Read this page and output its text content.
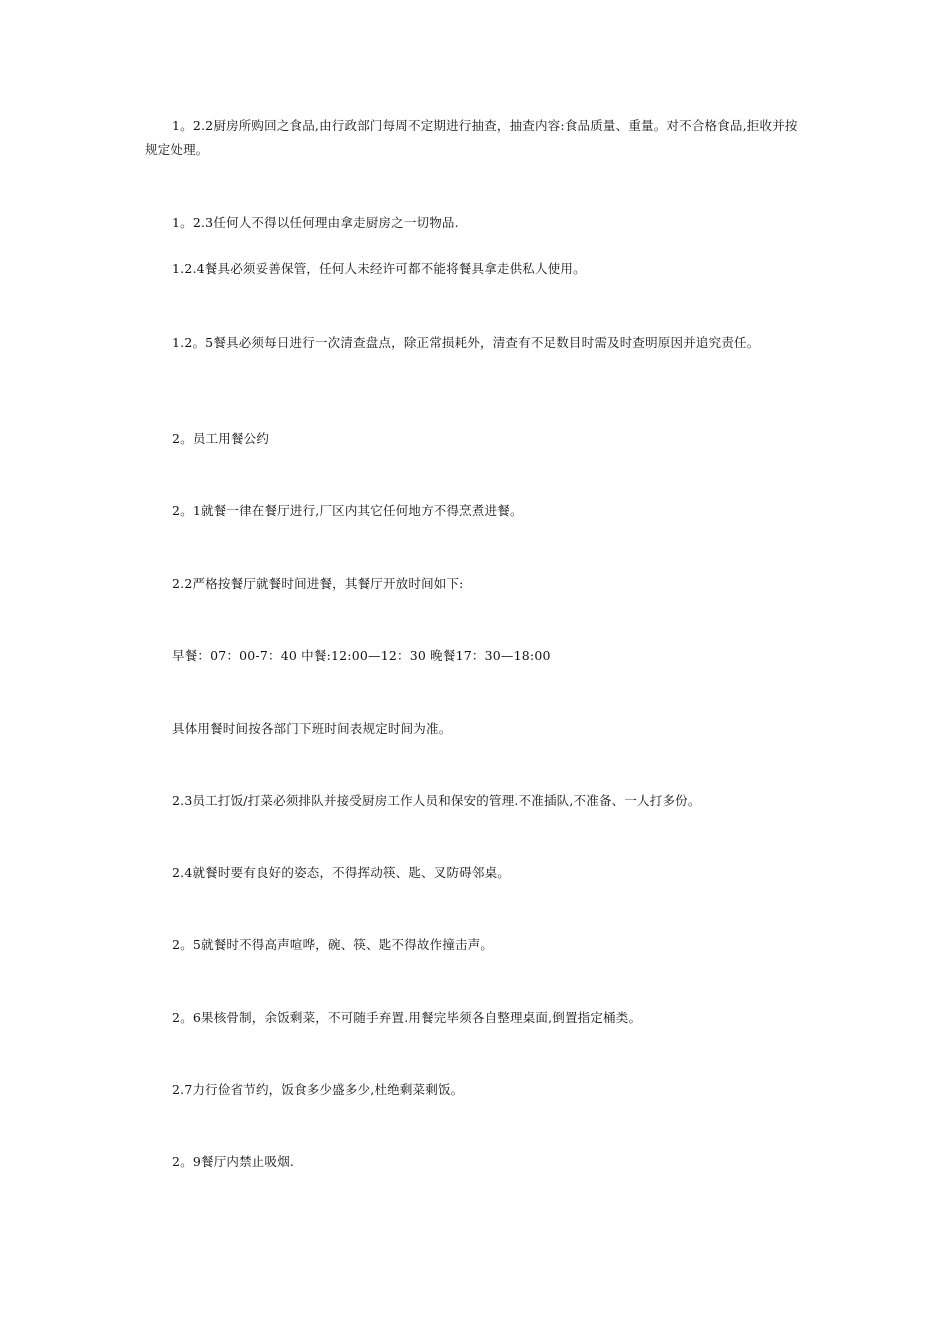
1。2.2厨房所购回之食品,由行政部门每周不定期进行抽查，抽查内容:食品质量、重量。对不合格食品,拒收并按规定处理。

1。2.3任何人不得以任何理由拿走厨房之一切物品.

1.2.4餐具必须妥善保管，任何人未经许可都不能将餐具拿走供私人使用。

1.2。5餐具必须每日进行一次清查盘点，除正常损耗外，清查有不足数目时需及时查明原因并追究责任。

2。员工用餐公约

2。1就餐一律在餐厅进行,厂区内其它任何地方不得烹煮进餐。

2.2严格按餐厅就餐时间进餐，其餐厅开放时间如下:

早餐：07：00-7：40 中餐:12:00—12：30 晚餐17：30—18:00

具体用餐时间按各部门下班时间表规定时间为准。

2.3员工打饭/打菜必须排队并接受厨房工作人员和保安的管理.不准插队,不准备、一人打多份。

2.4就餐时要有良好的姿态，不得挥动筷、匙、叉防碍邻桌。

2。5就餐时不得高声喧哗，碗、筷、匙不得故作撞击声。

2。6果核骨制，余饭剩菜，不可随手弃置.用餐完毕须各自整理桌面,倒置指定桶类。

2.7力行俭省节约，饭食多少盛多少,杜绝剩菜剩饭。

2。9餐厅内禁止吸烟.
